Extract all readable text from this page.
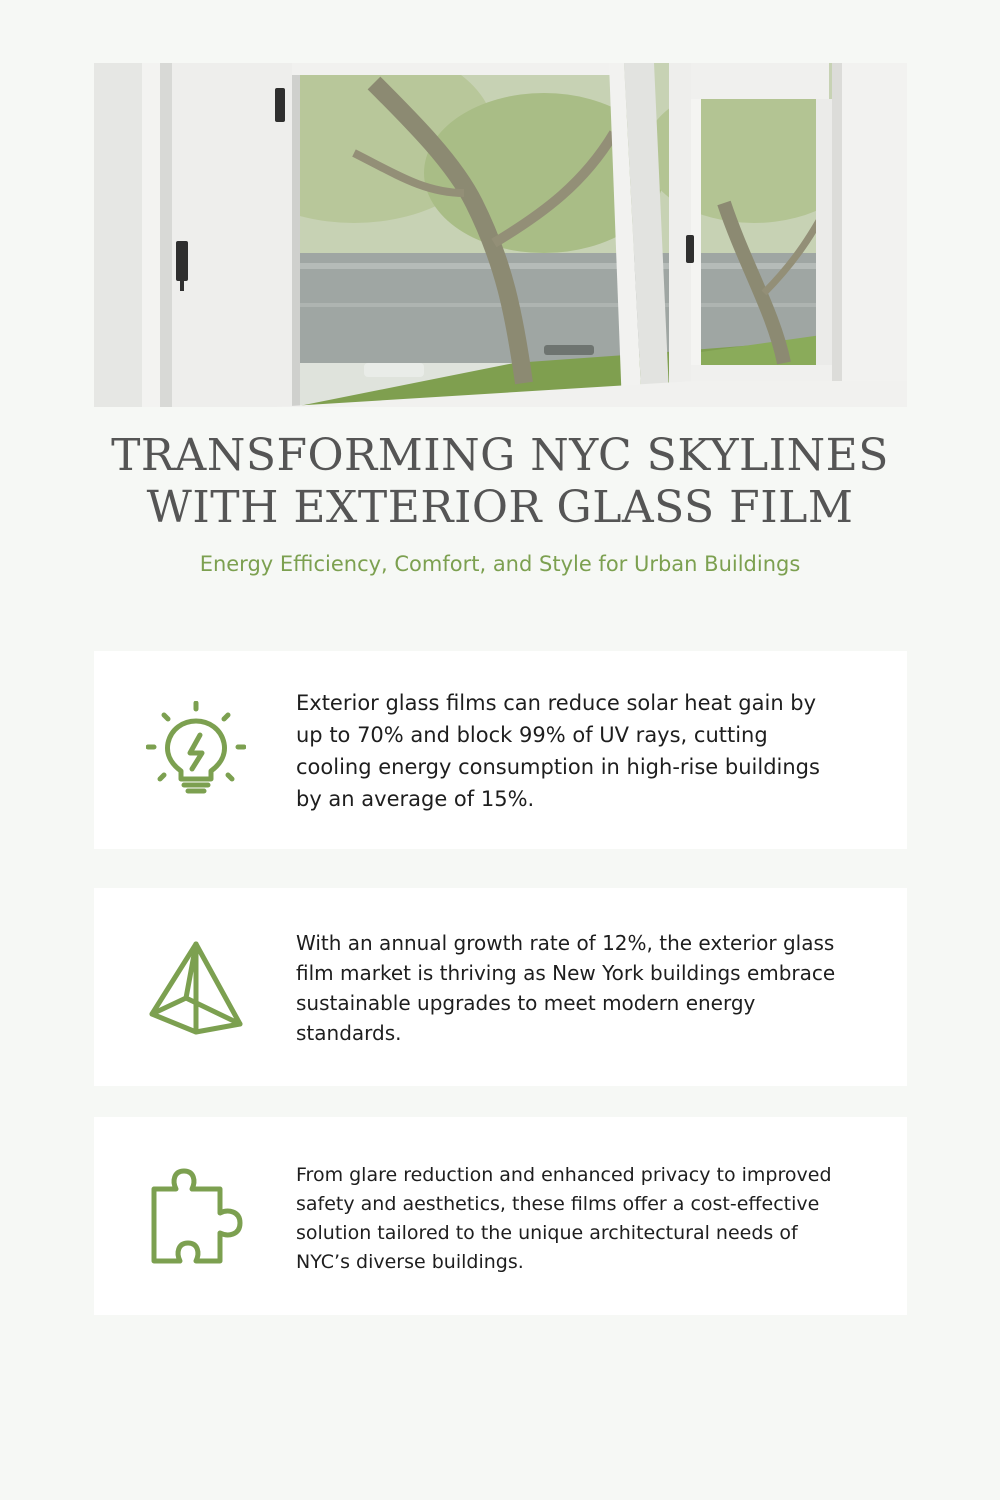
TRANSFORMING NYC SKYLINES
WITH EXTERIOR GLASS FILM

Energy Efficiency, Comfort, and Style for Urban Buildings

Exterior glass films can reduce solar heat gain by up to 70% and block 99% of UV rays, cutting cooling energy consumption in high-rise buildings by an average of 15%.

With an annual growth rate of 12%, the exterior glass film market is thriving as New York buildings embrace sustainable upgrades to meet modern energy standards.

From glare reduction and enhanced privacy to improved safety and aesthetics, these films offer a cost-effective solution tailored to the unique architectural needs of NYC’s diverse buildings.
